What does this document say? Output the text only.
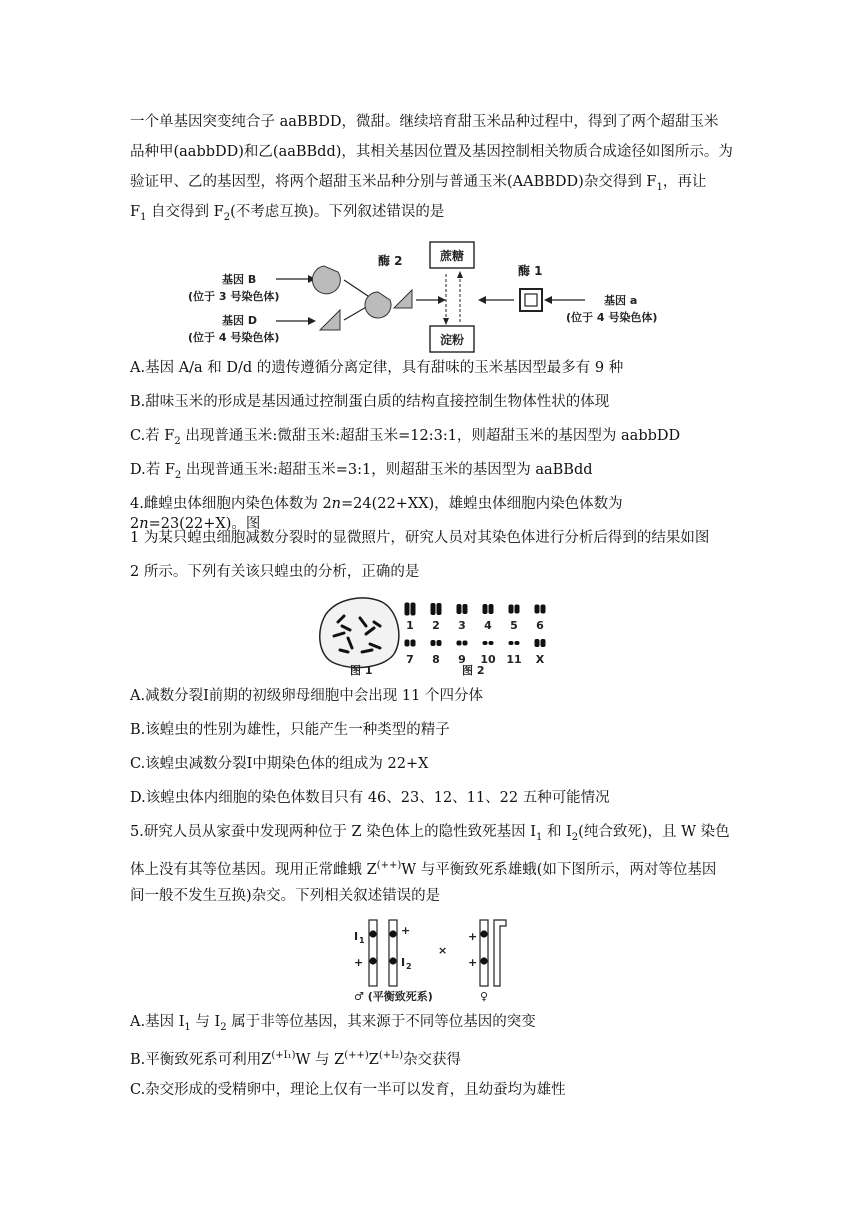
一个单基因突变纯合子 aaBBDD，微甜。继续培育甜玉米品种过程中，得到了两个超甜玉米

品种甲(aabbDD)和乙(aaBBdd)，其相关基因位置及基因控制相关物质合成途径如图所示。为

验证甲、乙的基因型，将两个超甜玉米品种分别与普通玉米(AABBDD)杂交得到 $F_1$，再让

$F_1$ 自交得到 $F_2$(不考虑互换)。下列叙述错误的是

基因 B
(位于 3 号染色体)
基因 D
(位于 4 号染色体)
酶 2	蔗糖
淀粉
酶 1
基因 a
(位于 4 号染色体)

A.基因 A/a 和 D/d 的遗传遵循分离定律，具有甜味的玉米基因型最多有 9 种

B.甜味玉米的形成是基因通过控制蛋白质的结构直接控制生物体性状的体现

C.若 $F_2$ 出现普通玉米:微甜玉米:超甜玉米=12:3:1，则超甜玉米的基因型为 aabbDD

D.若 $F_2$ 出现普通玉米:超甜玉米=3:1，则超甜玉米的基因型为 aaBBdd

4.雌蝗虫体细胞内染色体数为 2n=24(22+XX)，雄蝗虫体细胞内染色体数为 2n=23(22+X)。图

1 为某只蝗虫细胞减数分裂时的显微照片，研究人员对其染色体进行分析后得到的结果如图

2 所示。下列有关该只蝗虫的分析，正确的是

图 1
1 2 3 4 5 6
7 8 9 10 11 X
图 2

A.减数分裂Ⅰ前期的初级卵母细胞中会出现 11 个四分体

B.该蝗虫的性别为雄性，只能产生一种类型的精子

C.该蝗虫减数分裂Ⅰ中期染色体的组成为 22+X

D.该蝗虫体内细胞的染色体数目只有 46、23、12、11、22 五种可能情况

5.研究人员从家蚕中发现两种位于 Z 染色体上的隐性致死基因 $I_1$ 和 $I_2$(纯合致死)，且 W 染色

体上没有其等位基因。现用正常雌蛾 Z(++)W 与平衡致死系雄蛾(如下图所示，两对等位基因

间一般不发生互换)杂交。下列相关叙述错误的是

I 1
+
+
I 2
×
+
+
♂ (平衡致死系)	♀

A.基因 $I_1$ 与 $I_2$ 属于非等位基因，其来源于不同等位基因的突变

B.平衡致死系可利用$Z^{(+I_1)}W$ 与 $Z^{(++)}Z^{(+I_2)}$杂交获得

C.杂交形成的受精卵中，理论上仅有一半可以发育，且幼蚕均为雄性
